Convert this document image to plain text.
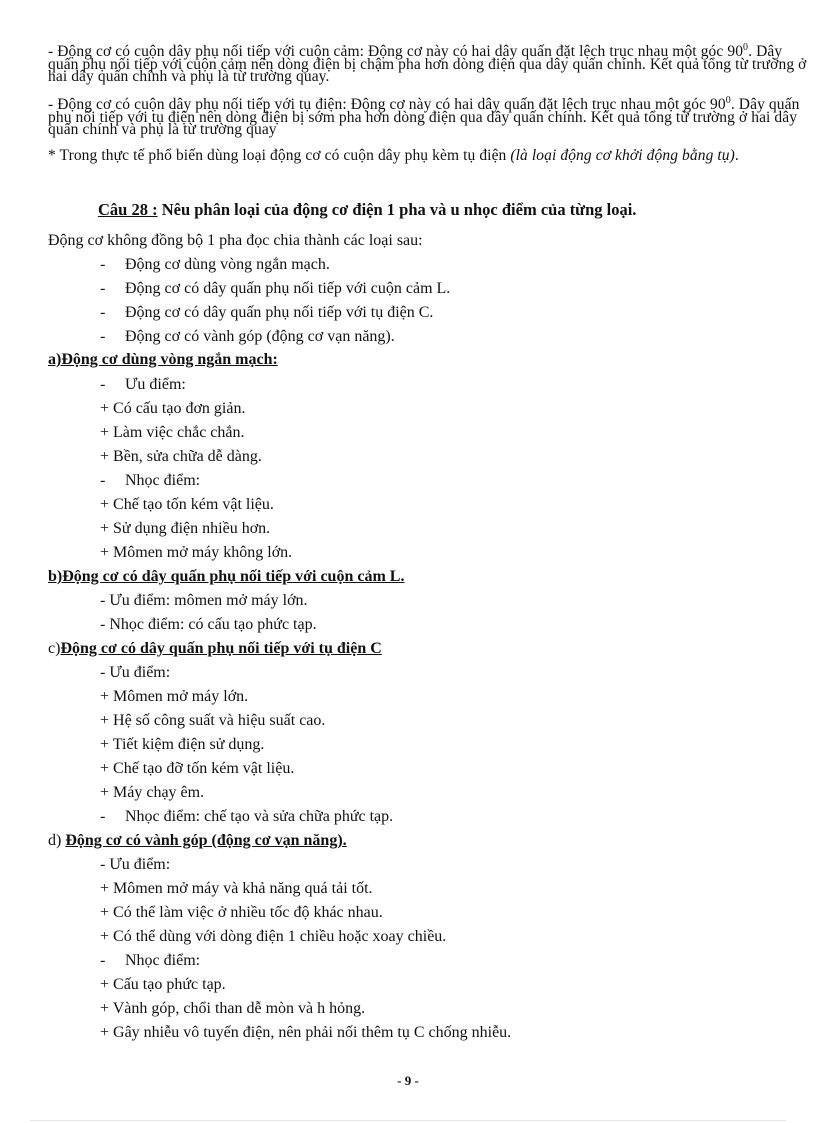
- Động cơ có cuộn dây phụ nối tiếp với cuộn cảm: Động cơ này có hai dây quấn đặt lệch trục nhau một góc $90^0$. Dây quấn phụ nối tiếp với cuộn cảm nên dòng điện bị chậm pha hơn dòng điện qua dây quấn chính. Kết quả tổng từ trường ở hai dây quấn chính và phụ là từ trường quay.
- Động cơ có cuộn dây phụ nối tiếp với tụ điện: Động cơ này có hai dây quấn đặt lệch trục nhau một góc $90^0$. Dây quấn phụ nối tiếp với tụ điện nên dòng điện bị sớm pha hơn dòng điện qua dây quấn chính. Kết quả tổng từ trường ở hai dây quấn chính và phụ là từ trường quay
* Trong thực tế phổ biến dùng loại động cơ có cuộn dây phụ kèm tụ điện (là loại động cơ khởi động bằng tụ).
Câu 28 : Nêu phân loại của động cơ điện 1 pha và u nhọc điểm của từng loại.
Động cơ không đồng bộ 1 pha đọc chia thành các loại sau:
- Động cơ dùng vòng ngắn mạch.
- Động cơ có dây quấn phụ nối tiếp với cuộn cảm L.
- Động cơ có dây quấn phụ nối tiếp với tụ điện C.
- Động cơ có vành góp (động cơ vạn năng).
a)Động cơ dùng vòng ngắn mạch:
- Ưu điểm:
+ Có cấu tạo đơn giản.
+ Làm việc chắc chắn.
+ Bền, sửa chữa dễ dàng.
- Nhọc điểm:
+ Chế tạo tốn kém vật liệu.
+ Sử dụng điện nhiều hơn.
+ Mômen mở máy không lớn.
b)Động cơ có dây quấn phụ nối tiếp với cuộn cảm L.
- Ưu điểm: mômen mở máy lớn.
- Nhọc điểm: có cấu tạo phức tạp.
c)Động cơ có dây quấn phụ nối tiếp với tụ điện C
- Ưu điểm:
+ Mômen mở máy lớn.
+ Hệ số công suất và hiệu suất cao.
+ Tiết kiệm điện sử dụng.
+ Chế tạo đỡ tốn kém vật liệu.
+ Máy chạy êm.
- Nhọc điểm: chế tạo và sửa chữa phức tạp.
d) Động cơ có vành góp (động cơ vạn năng).
- Ưu điểm:
+ Mômen mở máy và khả năng quá tải tốt.
+ Có thể làm việc ở nhiều tốc độ khác nhau.
+ Có thể dùng với dòng điện 1 chiều hoặc xoay chiều.
- Nhọc điểm:
+ Cấu tạo phức tạp.
+ Vành góp, chổi than dễ mòn và h hỏng.
+ Gây nhiễu vô tuyến điện, nên phải nối thêm tụ C chống nhiễu.
- 9 -
